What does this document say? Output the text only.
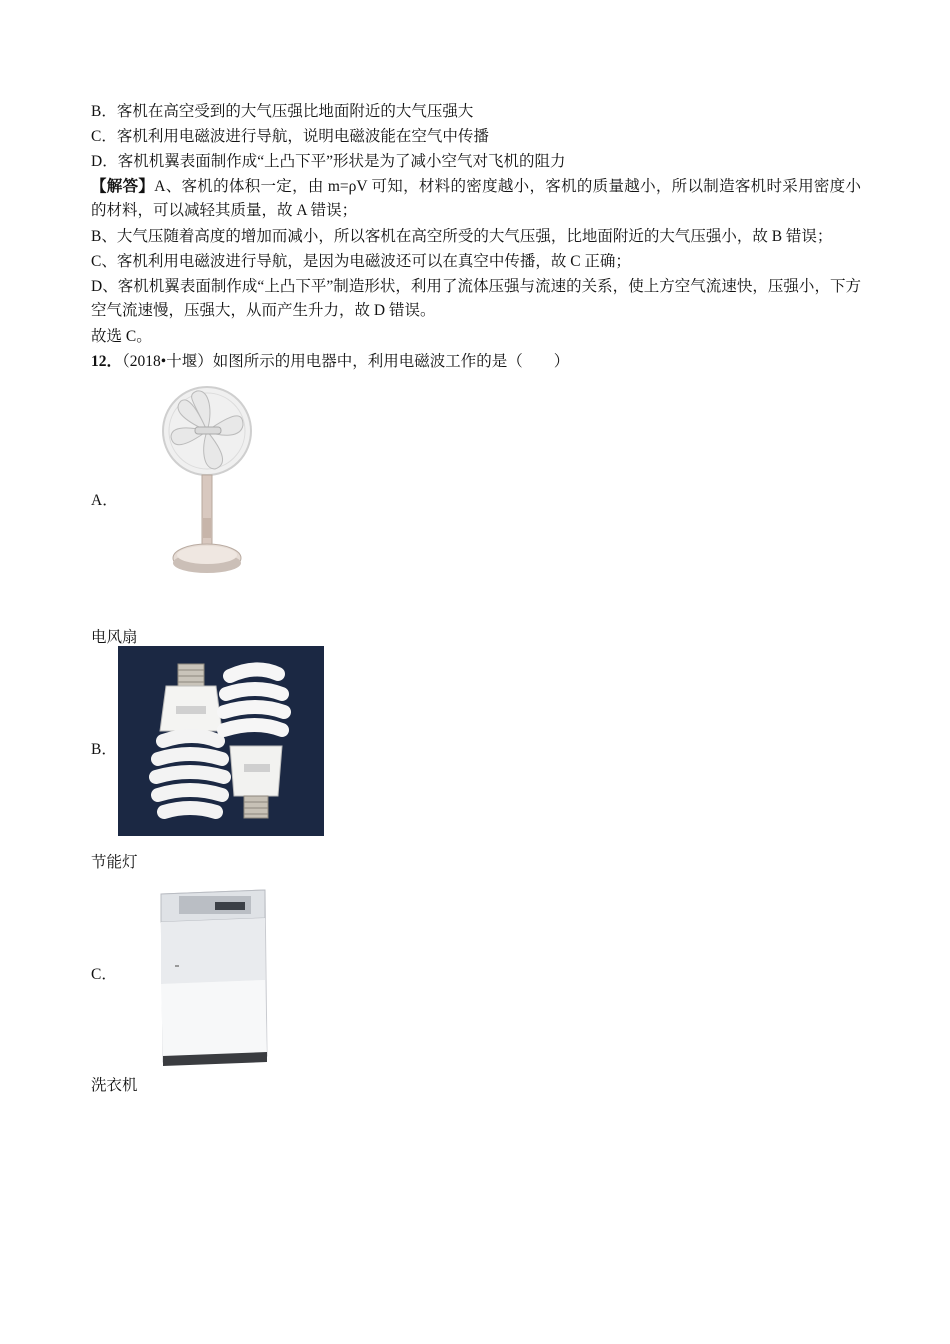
B．客机在高空受到的大气压强比地面附近的大气压强大
C．客机利用电磁波进行导航，说明电磁波能在空气中传播
D．客机机翼表面制作成“上凸下平”形状是为了减小空气对飞机的阻力
【解答】A、客机的体积一定，由 m=ρV 可知，材料的密度越小，客机的质量越小，所以制造客机时采用密度小的材料，可以减轻其质量，故 A 错误；
B、大气压随着高度的增加而减小，所以客机在高空所受的大气压强，比地面附近的大气压强小，故 B 错误；
C、客机利用电磁波进行导航，是因为电磁波还可以在真空中传播，故 C 正确；
D、客机机翼表面制作成“上凸下平”制造形状，利用了流体压强与流速的关系，使上方空气流速快，压强小，下方空气流速慢，压强大，从而产生升力，故 D 错误。
故选 C。
12．（2018•十堰）如图所示的用电器中，利用电磁波工作的是（　　）
A．
电风扇
B．
节能灯
C．
洗衣机
